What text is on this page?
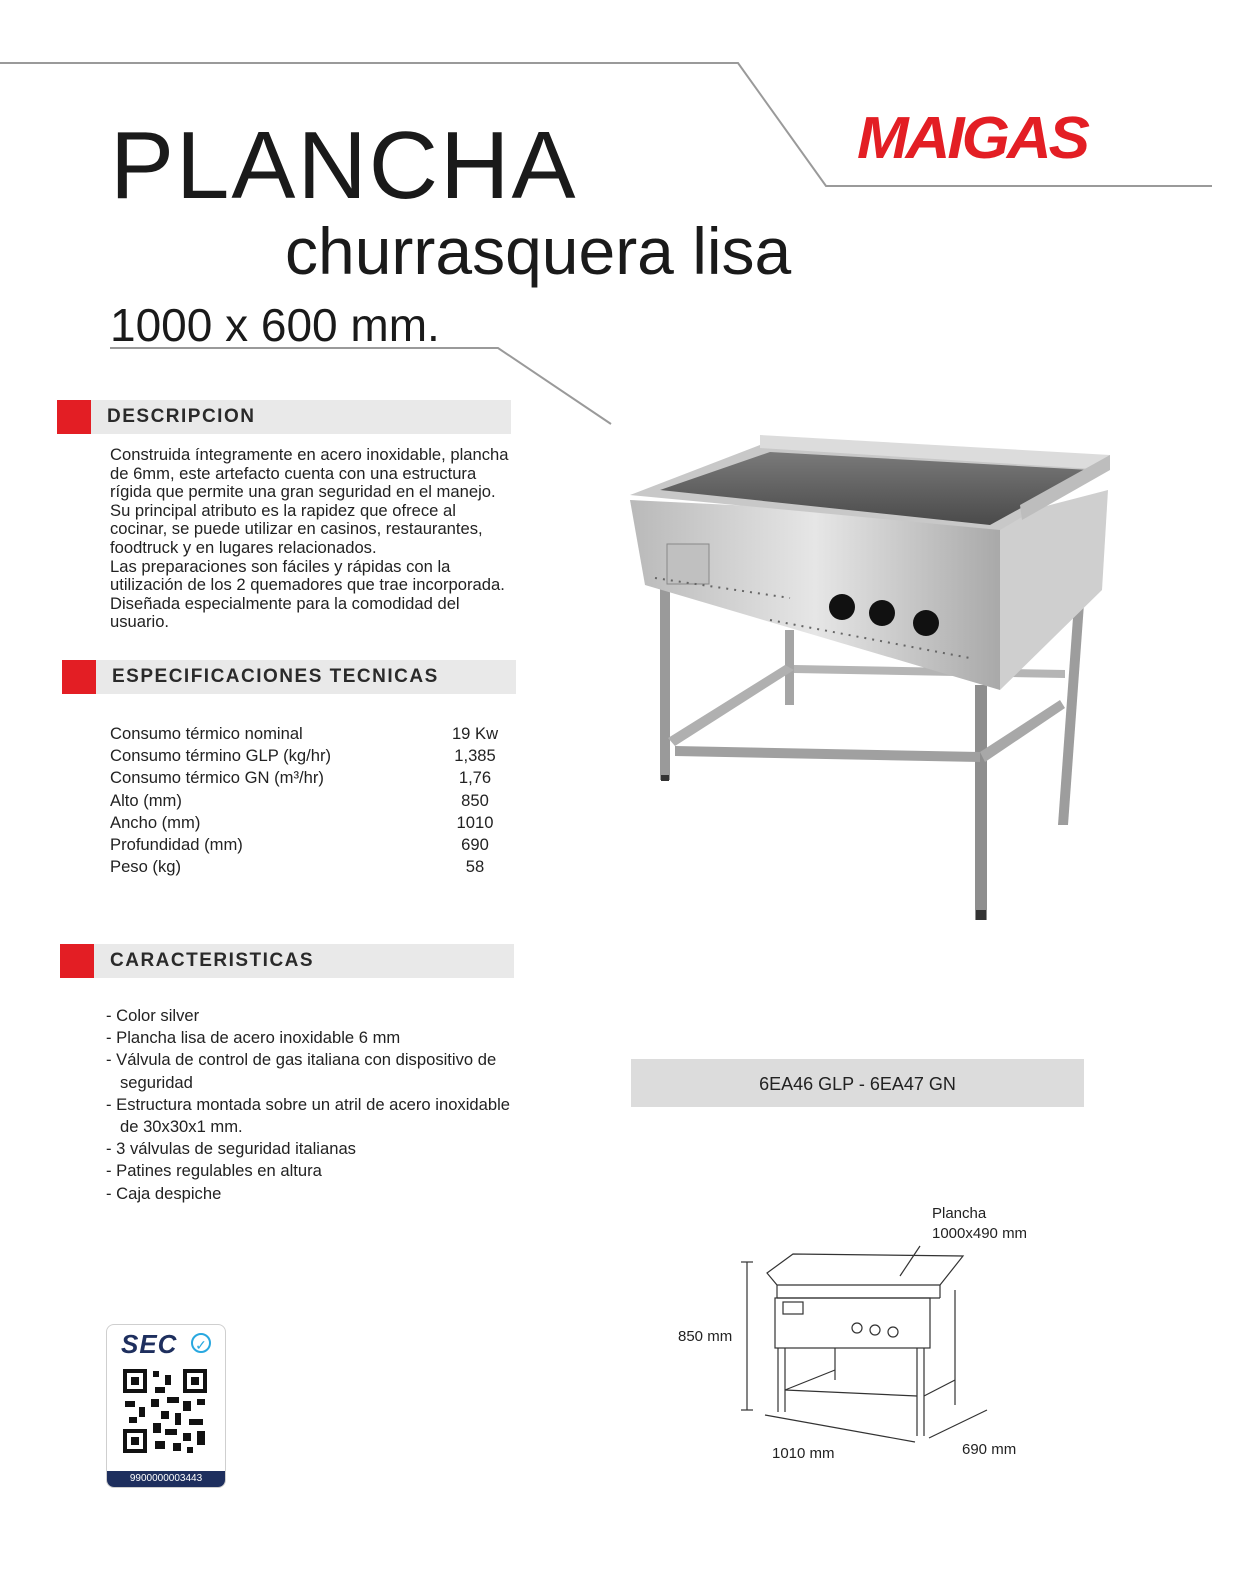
PLANCHA
churrasquera lisa
1000 x 600 mm.
MAIGAS
DESCRIPCION
Construida íntegramente en acero inoxidable, plancha
de 6mm, este artefacto cuenta con una estructura
rígida que permite una gran seguridad en el manejo.
Su principal atributo es la rapidez que ofrece al
cocinar, se puede utilizar en casinos, restaurantes,
foodtruck y en lugares relacionados.
Las preparaciones son fáciles y rápidas con la
utilización de los 2 quemadores que trae incorporada.
Diseñada especialmente para la comodidad del
usuario.
ESPECIFICACIONES TECNICAS
Consumo térmico nominal	19 Kw
Consumo término GLP (kg/hr)	1,385
Consumo térmico GN (m³/hr)	1,76
Alto (mm)	850
Ancho (mm)	1010
Profundidad (mm)	690
Peso (kg)	58
CARACTERISTICAS
- Color silver
- Plancha lisa de acero inoxidable 6 mm
- Válvula de control de gas italiana con dispositivo de seguridad
- Estructura montada sobre un atril de acero inoxidable de 30x30x1 mm.
- 3 válvulas de seguridad italianas
- Patines regulables en altura
- Caja despiche
6EA46 GLP - 6EA47 GN
Plancha
1000x490 mm
850 mm
1010 mm	690 mm
SEC ✓
9900000003443
